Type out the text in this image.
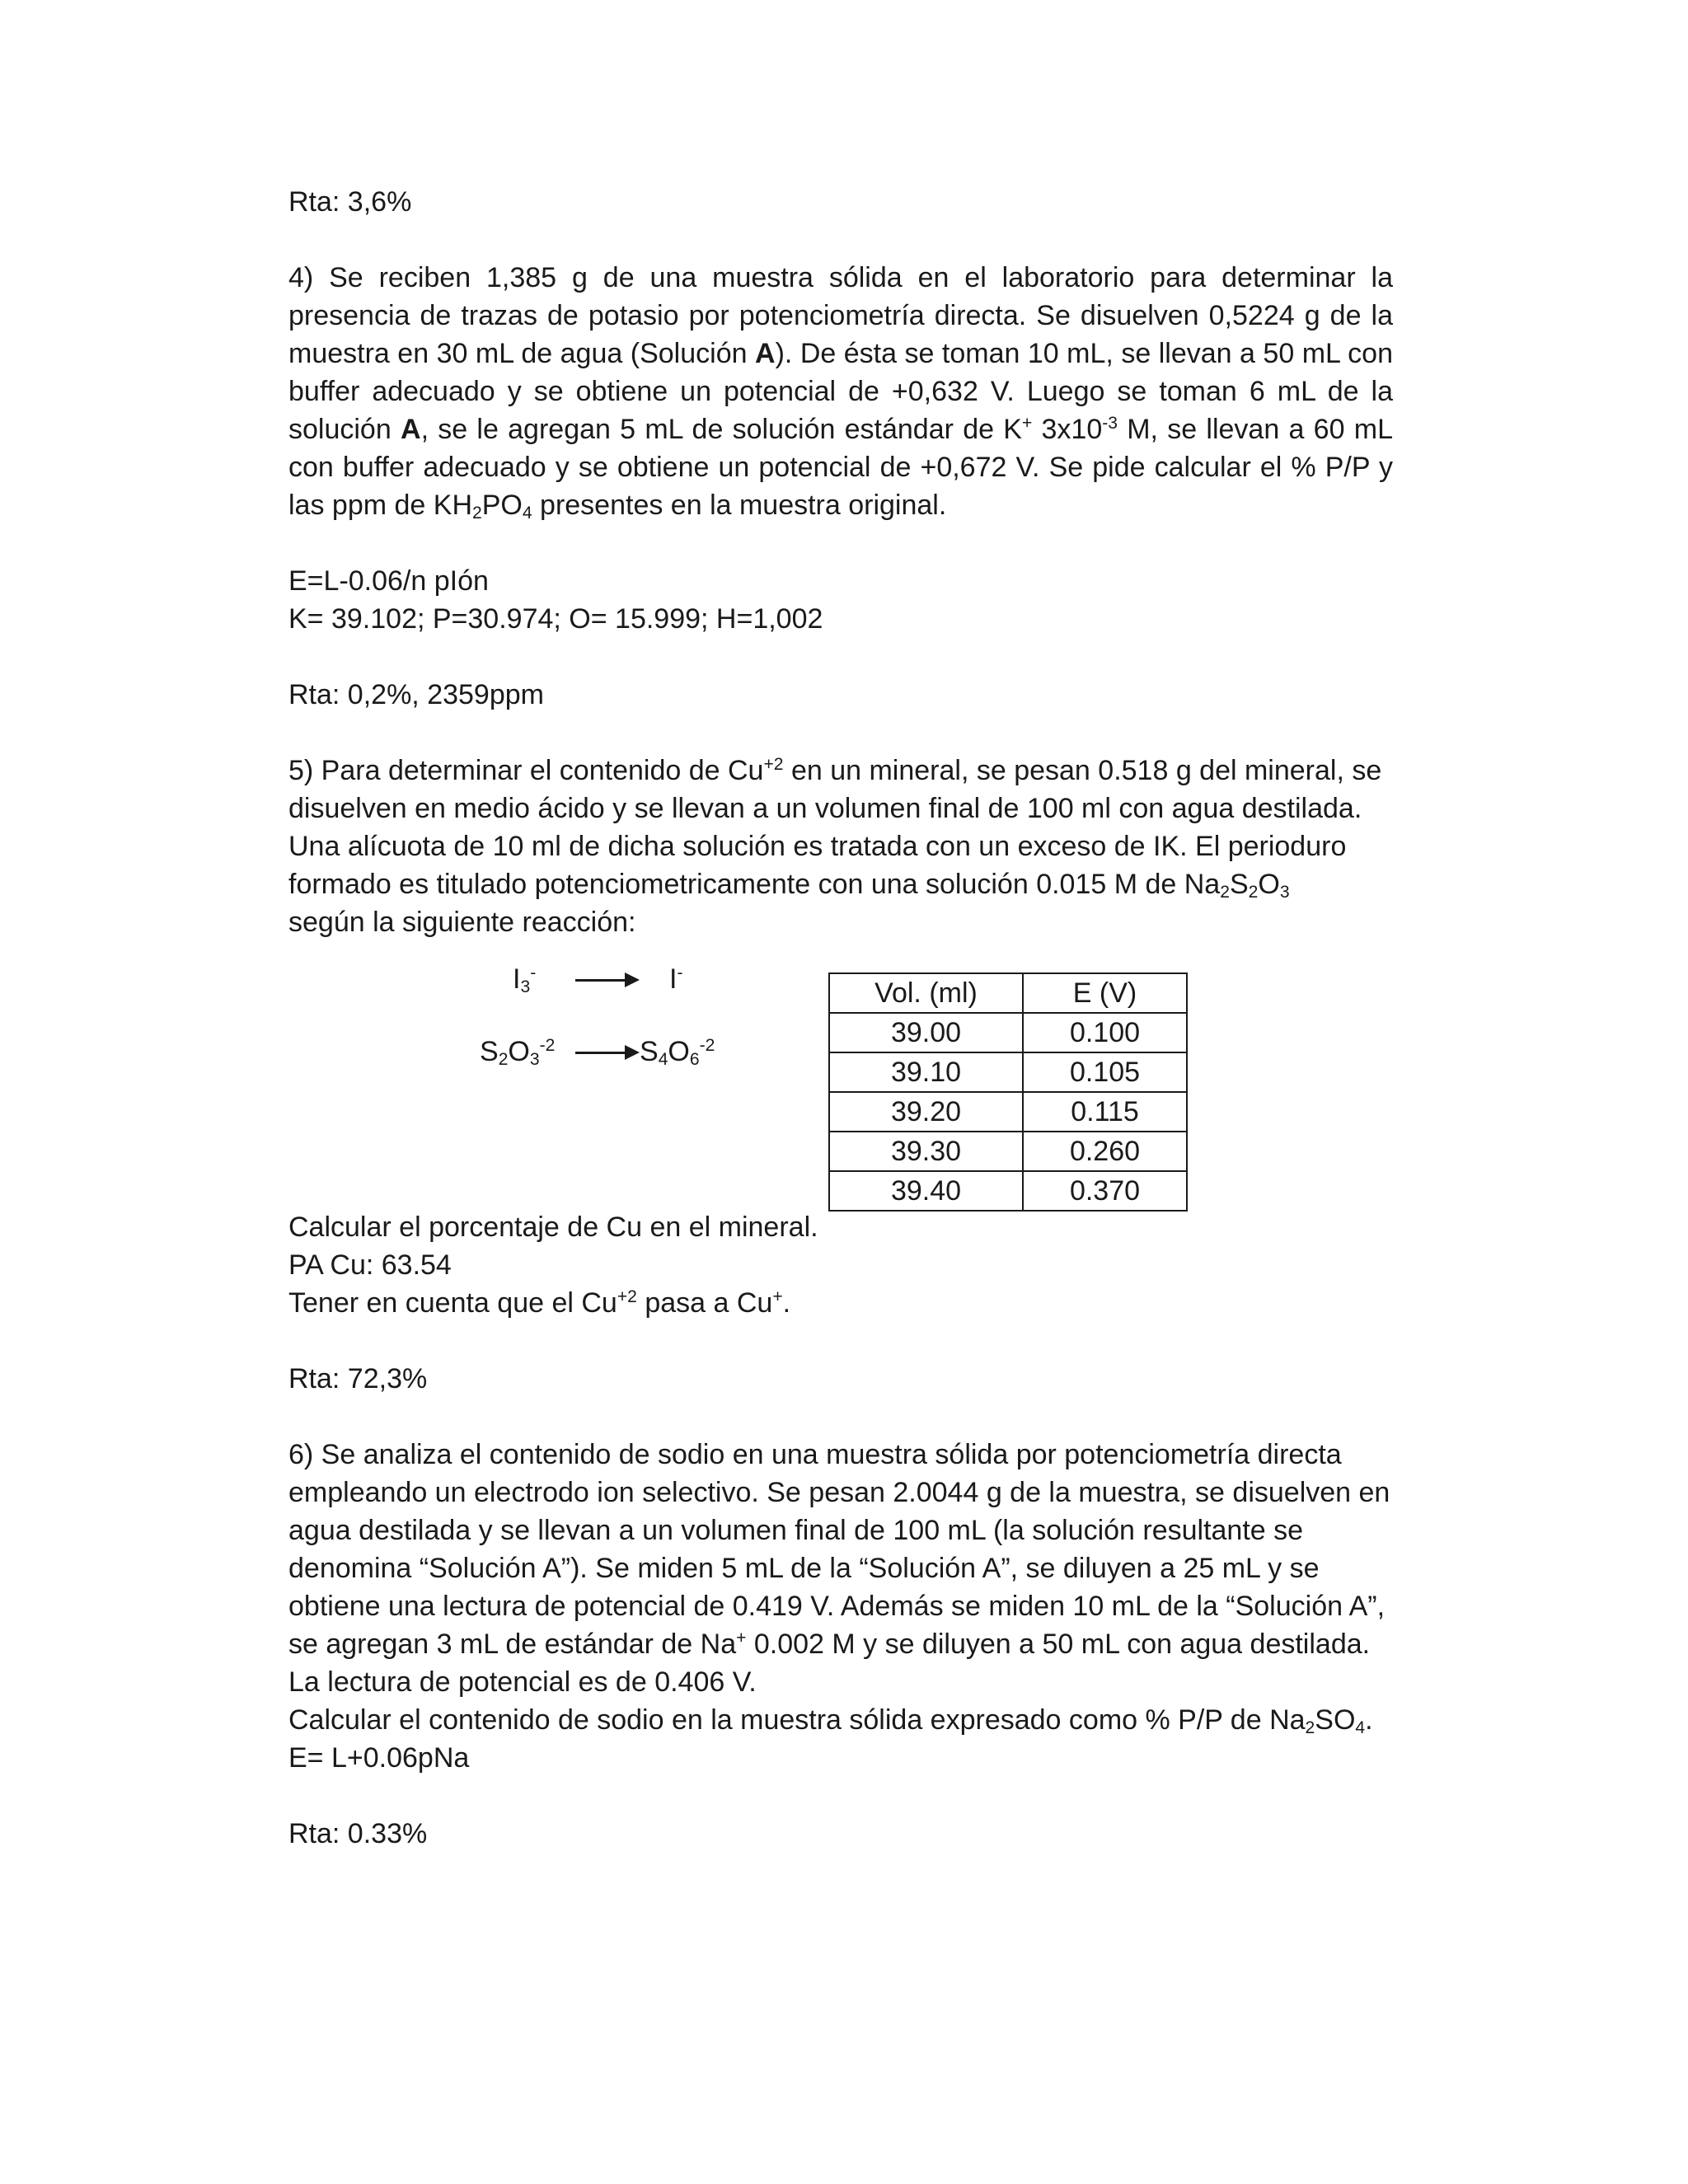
Rta: 3,6%

4) Se reciben 1,385 g de una muestra sólida en el laboratorio para determinar la presencia de trazas de potasio por potenciometría directa. Se disuelven 0,5224 g de la muestra en 30 mL de agua (Solución A). De ésta se toman 10 mL, se llevan a 50 mL con buffer adecuado y se obtiene un potencial de +0,632 V. Luego se toman 6 mL de la solución A, se le agregan 5 mL de solución estándar de K+ $3x10^{-3}$ M, se llevan a 60 mL con buffer adecuado y se obtiene un potencial de +0,672 V. Se pide calcular el % P/P y las ppm de $KH_2PO_4$ presentes en la muestra original.

E=L-0.06/n pIón

K= 39.102; P=30.974; O= 15.999; H=1,002

Rta: 0,2%, 2359ppm

5) Para determinar el contenido de $Cu^{+2}$ en un mineral, se pesan 0.518 g del mineral, se disuelven en medio ácido y se llevan a un volumen final de 100 ml con agua destilada. Una alícuota de 10 ml de dicha solución es tratada con un exceso de IK. El perioduro formado es titulado potenciometricamente con una solución 0.015 M de $Na_2S_2O_3$
según la siguiente reacción:

$I_3^- \to I^-$
$S_2O_3^{-2} \to S_4O_6^{-2}$
Vol. (ml)	E (V)
39.00	0.100
39.10	0.105
39.20	0.115
39.30	0.260
39.40	0.370

Calcular el porcentaje de Cu en el mineral.

PA Cu: 63.54

Tener en cuenta que el $Cu^{+2}$ pasa a Cu+.

Rta: 72,3%

6) Se analiza el contenido de sodio en una muestra sólida por potenciometría directa empleando un electrodo ion selectivo. Se pesan 2.0044 g de la muestra, se disuelven en agua destilada y se llevan a un volumen final de 100 mL (la solución resultante se denomina “Solución A”). Se miden 5 mL de la “Solución A”, se diluyen a 25 mL y se obtiene una lectura de potencial de 0.419 V. Además se miden 10 mL de la “Solución A”, se agregan 3 mL de estándar de Na+ 0.002 M y se diluyen a 50 mL con agua destilada. La lectura de potencial es de 0.406 V.
Calcular el contenido de sodio en la muestra sólida expresado como % P/P de $Na_2SO_4$. E= L+0.06pNa

Rta: 0.33%
